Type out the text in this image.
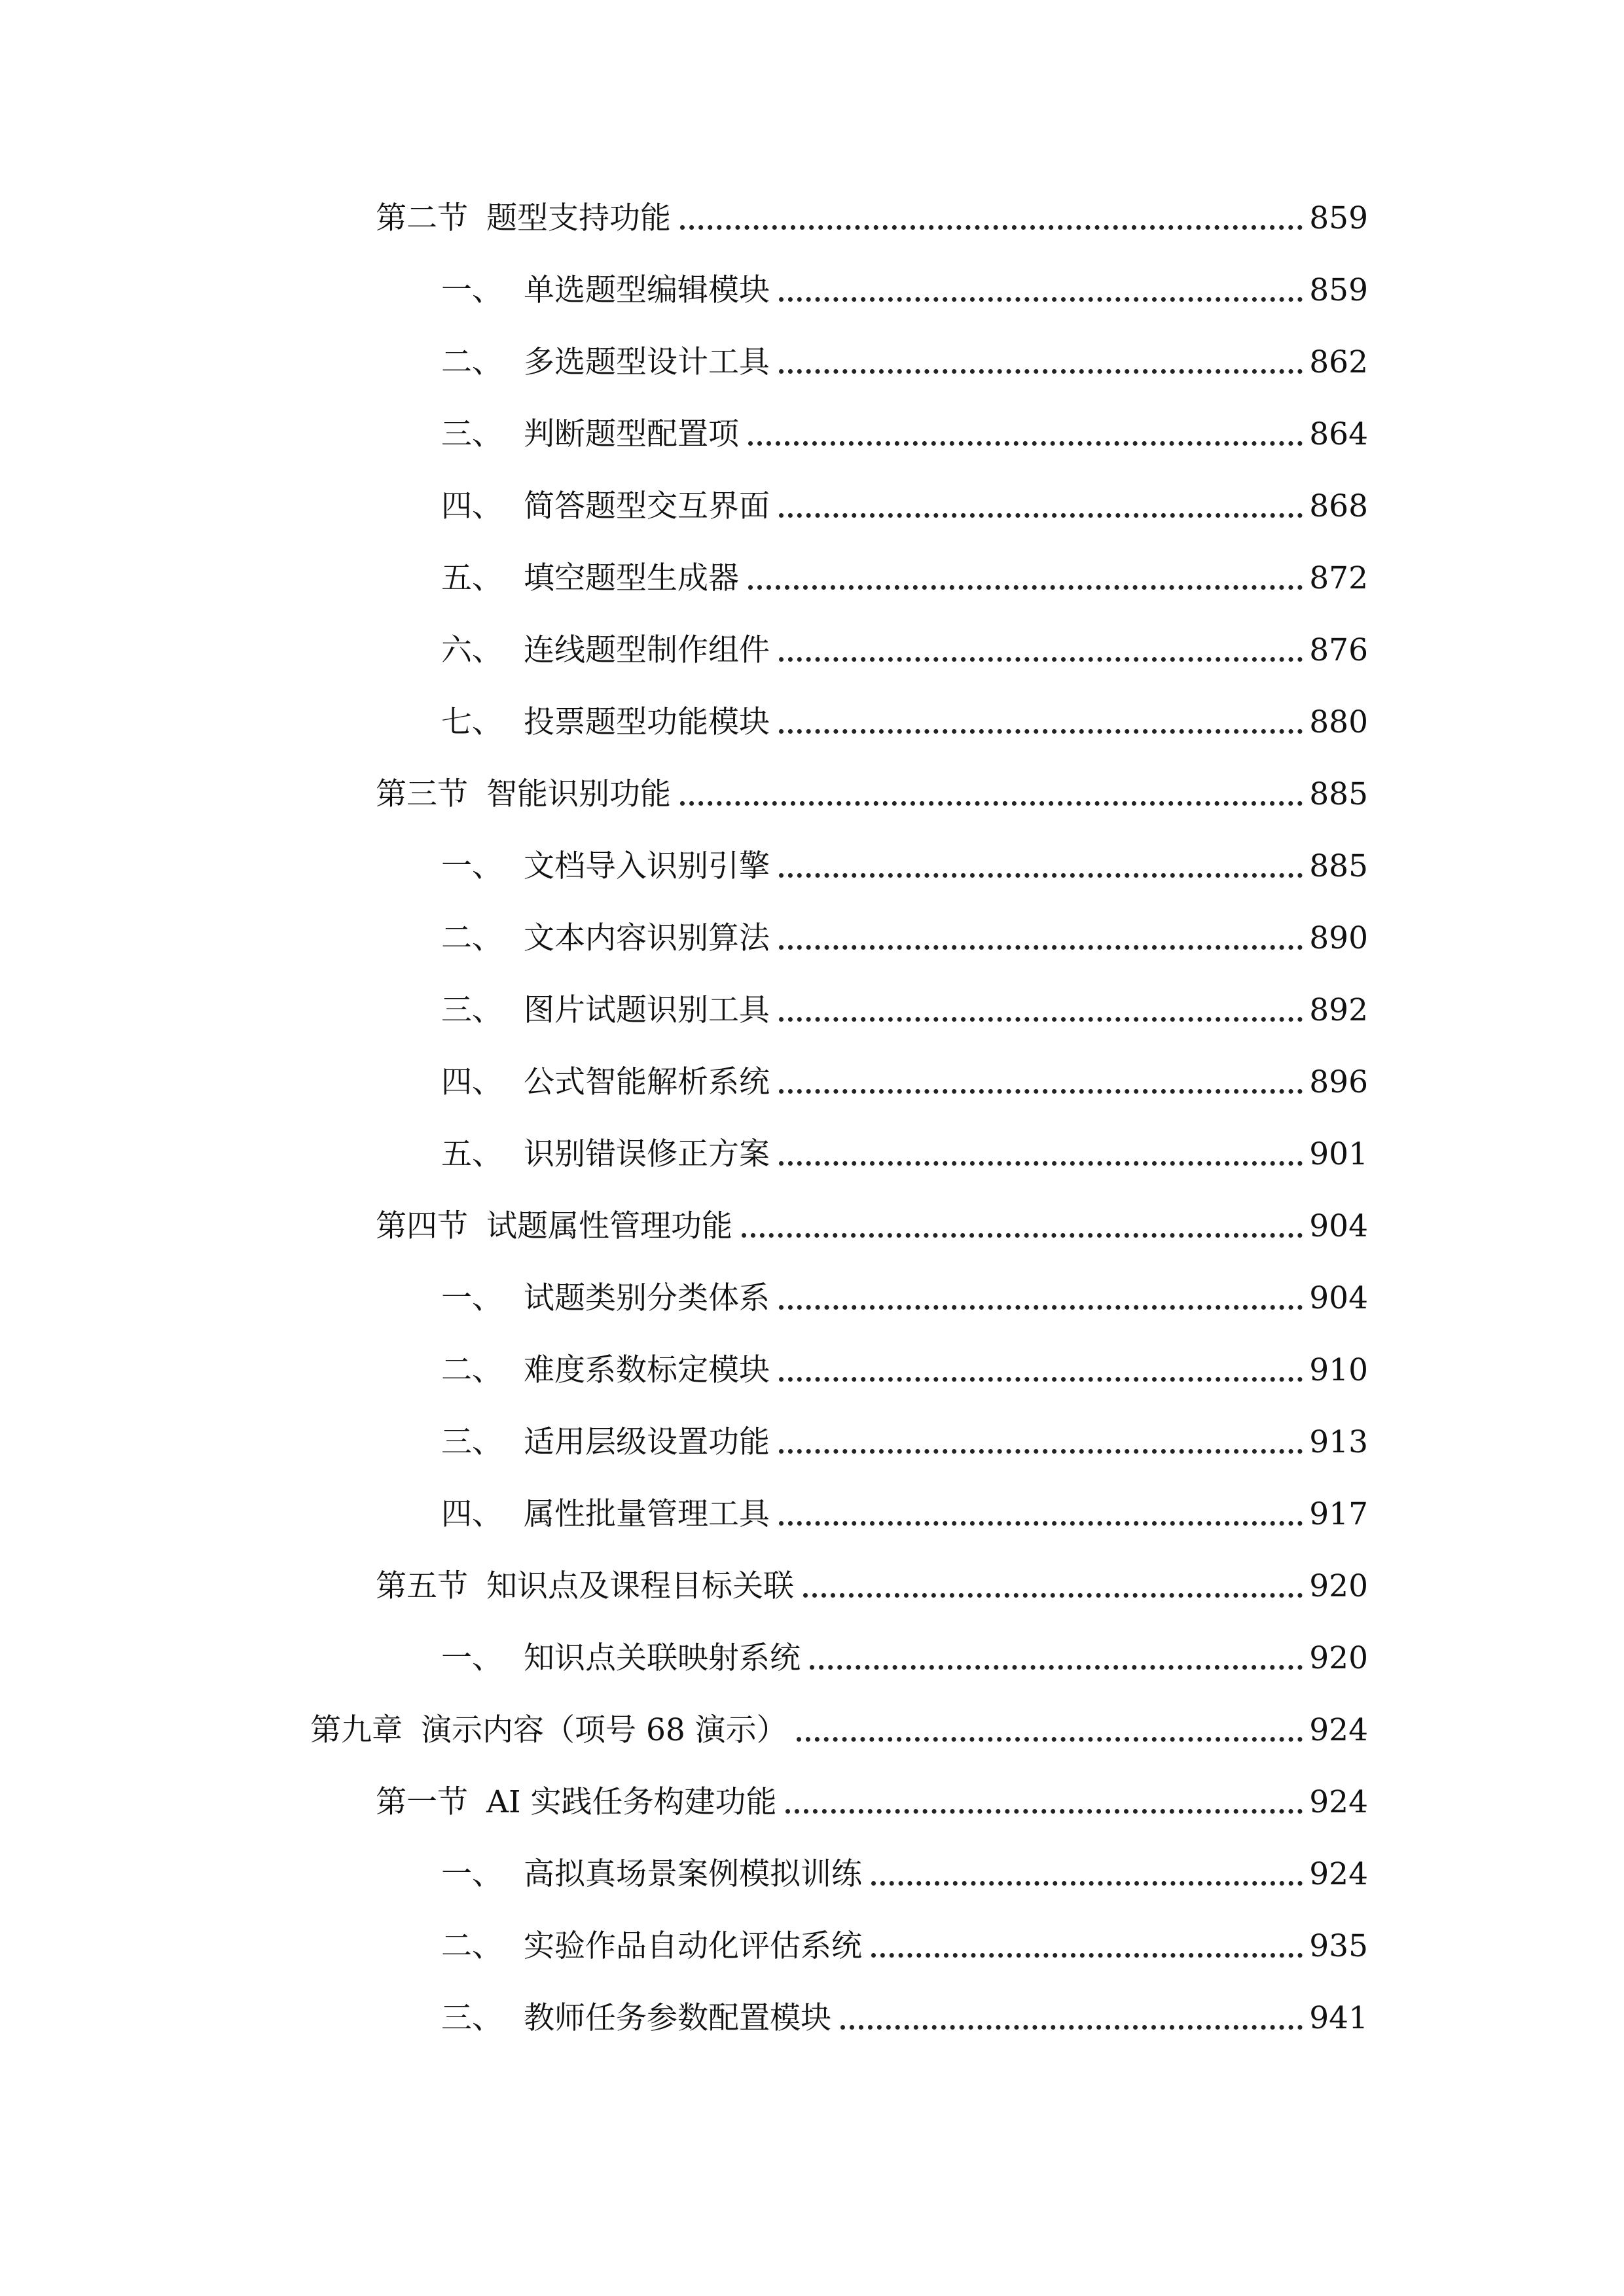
第二节 题型支持功能	859
一、 单选题型编辑模块	859
二、 多选题型设计工具	862
三、 判断题型配置项	864
四、 简答题型交互界面	868
五、 填空题型生成器	872
六、 连线题型制作组件	876
七、 投票题型功能模块	880
第三节 智能识别功能	885
一、 文档导入识别引擎	885
二、 文本内容识别算法	890
三、 图片试题识别工具	892
四、 公式智能解析系统	896
五、 识别错误修正方案	901
第四节 试题属性管理功能	904
一、 试题类别分类体系	904
二、 难度系数标定模块	910
三、 适用层级设置功能	913
四、 属性批量管理工具	917
第五节 知识点及课程目标关联	920
一、 知识点关联映射系统	920
第九章 演示内容（项号 68 演示）	924
第一节 AI 实践任务构建功能	924
一、 高拟真场景案例模拟训练	924
二、 实验作品自动化评估系统	935
三、 教师任务参数配置模块	941
